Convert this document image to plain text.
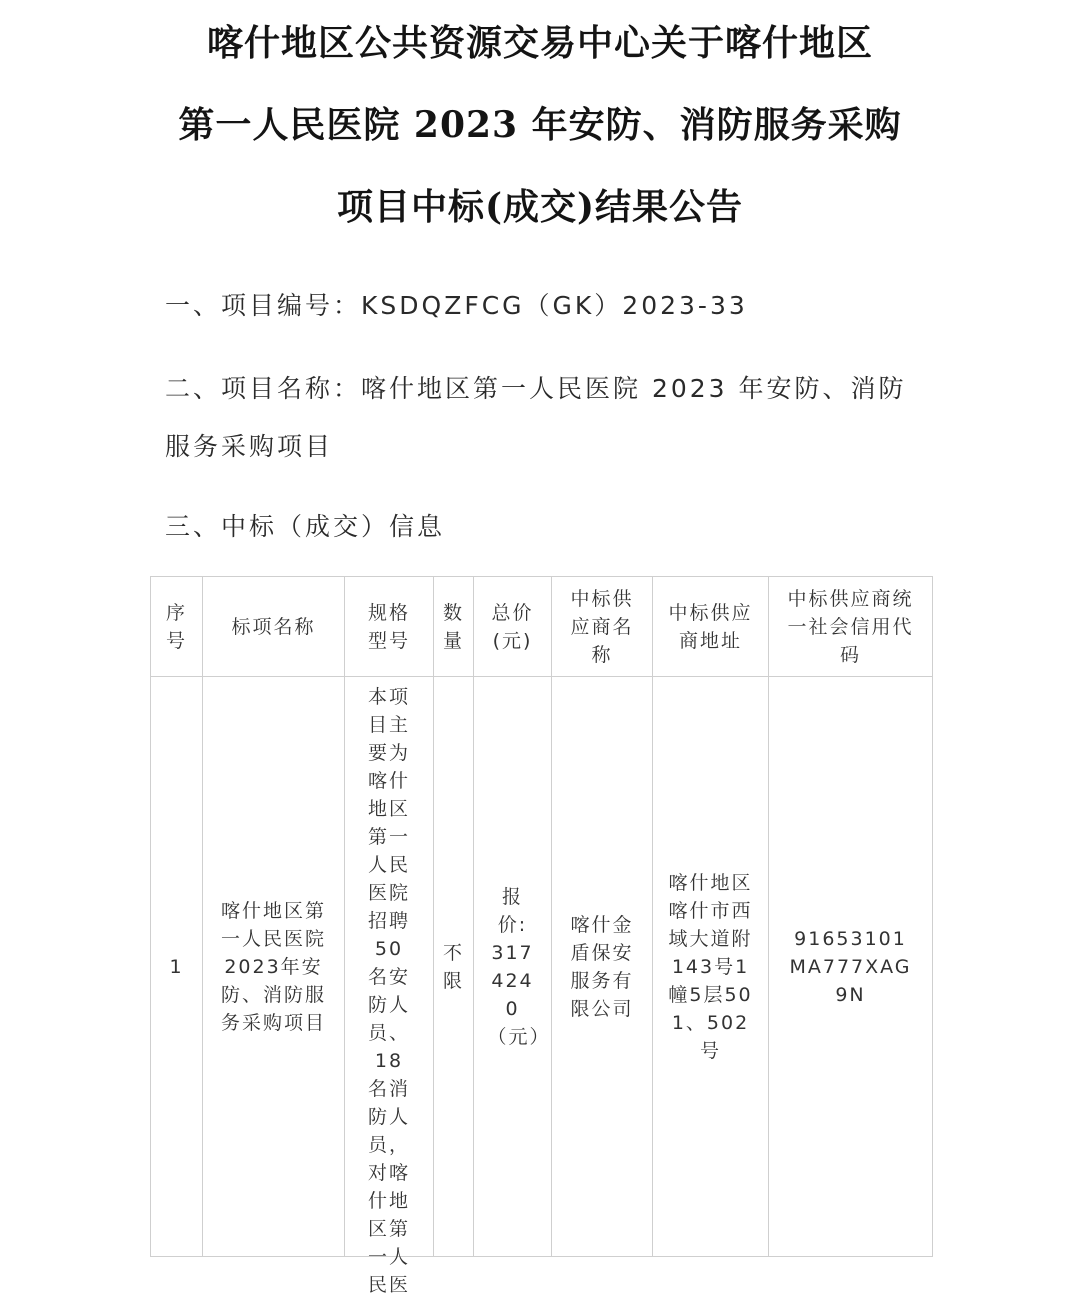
喀什地区公共资源交易中心关于喀什地区
第一人民医院 2023 年安防、消防服务采购
项目中标(成交)结果公告
一、项目编号：KSDQZFCG（GK）2023-33
二、项目名称：喀什地区第一人民医院 2023 年安防、消防
服务采购项目
三、中标（成交）信息
序号	标项名称	规格型号	数量	总价(元)	中标供应商名称	中标供应商地址	中标供应商统一社会信用代码

1	喀什地区第一人民医院2023年安防、消防服务采购项目	本项目主要为喀什地区第一人民医院招聘50名安防人员、18名消防人员，对喀什地区第一人民医	不限	报价: 3174240（元）	喀什金盾保安服务有限公司	喀什地区喀什市西域大道附143号1幢5层501、502号	91653101MA777XAG9N
